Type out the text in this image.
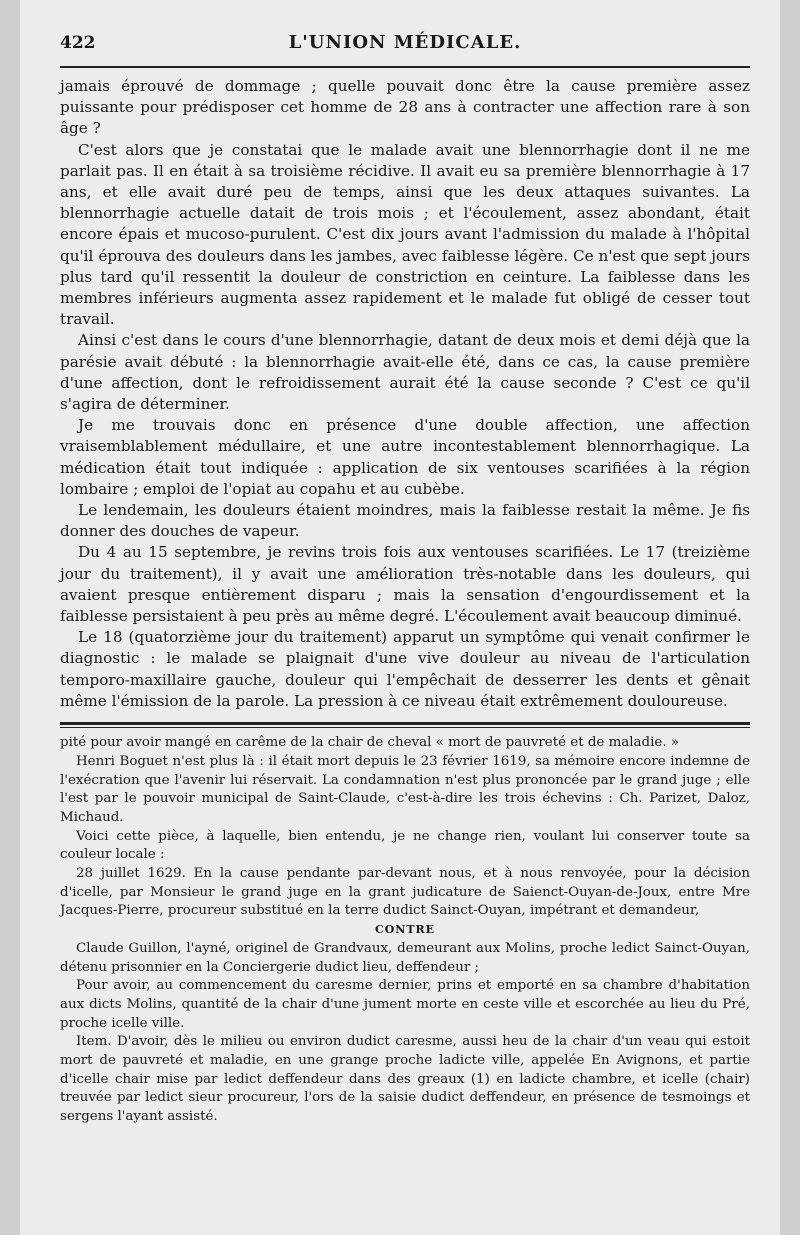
422	L'UNION MÉDICALE.

jamais éprouvé de dommage ; quelle pouvait donc être la cause première assez puissante pour prédisposer cet homme de 28 ans à contracter une affection rare à son âge ?

C'est alors que je constatai que le malade avait une blennorrhagie dont il ne me parlait pas. Il en était à sa troisième récidive. Il avait eu sa première blennorrhagie à 17 ans, et elle avait duré peu de temps, ainsi que les deux attaques suivantes. La blennorrhagie actuelle datait de trois mois ; et l'écoulement, assez abondant, était encore épais et mucoso-purulent. C'est dix jours avant l'admission du malade à l'hôpital qu'il éprouva des douleurs dans les jambes, avec faiblesse légère. Ce n'est que sept jours plus tard qu'il ressentit la douleur de constriction en ceinture. La faiblesse dans les membres inférieurs augmenta assez rapidement et le malade fut obligé de cesser tout travail.

Ainsi c'est dans le cours d'une blennorrhagie, datant de deux mois et demi déjà que la parésie avait débuté : la blennorrhagie avait-elle été, dans ce cas, la cause première d'une affection, dont le refroidissement aurait été la cause seconde ? C'est ce qu'il s'agira de déterminer.

Je me trouvais donc en présence d'une double affection, une affection vraisemblablement médullaire, et une autre incontestablement blennorrhagique. La médication était tout indiquée : application de six ventouses scarifiées à la région lombaire ; emploi de l'opiat au copahu et au cubèbe.

Le lendemain, les douleurs étaient moindres, mais la faiblesse restait la même. Je fis donner des douches de vapeur.

Du 4 au 15 septembre, je revins trois fois aux ventouses scarifiées. Le 17 (treizième jour du traitement), il y avait une amélioration très-notable dans les douleurs, qui avaient presque entièrement disparu ; mais la sensation d'engourdissement et la faiblesse persistaient à peu près au même degré. L'écoulement avait beaucoup diminué.

Le 18 (quatorzième jour du traitement) apparut un symptôme qui venait confirmer le diagnostic : le malade se plaignait d'une vive douleur au niveau de l'articulation temporo-maxillaire gauche, douleur qui l'empêchait de desserrer les dents et gênait même l'émission de la parole. La pression à ce niveau était extrêmement douloureuse.

pité pour avoir mangé en carême de la chair de cheval « mort de pauvreté et de maladie. »

Henri Boguet n'est plus là : il était mort depuis le 23 février 1619, sa mémoire encore indemne de l'exécration que l'avenir lui réservait. La condamnation n'est plus prononcée par le grand juge ; elle l'est par le pouvoir municipal de Saint-Claude, c'est-à-dire les trois échevins : Ch. Parizet, Daloz, Michaud.

Voici cette pièce, à laquelle, bien entendu, je ne change rien, voulant lui conserver toute sa couleur locale :

28 juillet 1629. En la cause pendante par-devant nous, et à nous renvoyée, pour la décision d'icelle, par Monsieur le grand juge en la grant judicature de Saienct-Ouyan-de-Joux, entre Mre Jacques-Pierre, procureur substitué en la terre dudict Sainct-Ouyan, impétrant et demandeur,

CONTRE

Claude Guillon, l'ayné, originel de Grandvaux, demeurant aux Molins, proche ledict Sainct-Ouyan, détenu prisonnier en la Conciergerie dudict lieu, deffendeur ;

Pour avoir, au commencement du caresme dernier, prins et emporté en sa chambre d'habitation aux dicts Molins, quantité de la chair d'une jument morte en ceste ville et escorchée au lieu du Pré, proche icelle ville.

Item. D'avoir, dès le milieu ou environ dudict caresme, aussi heu de la chair d'un veau qui estoit mort de pauvreté et maladie, en une grange proche ladicte ville, appelée En Avignons, et partie d'icelle chair mise par ledict deffendeur dans des greaux (1) en ladicte chambre, et icelle (chair) treuvée par ledict sieur procureur, l'ors de la saisie dudict deffendeur, en présence de tesmoings et sergens l'ayant assisté.
